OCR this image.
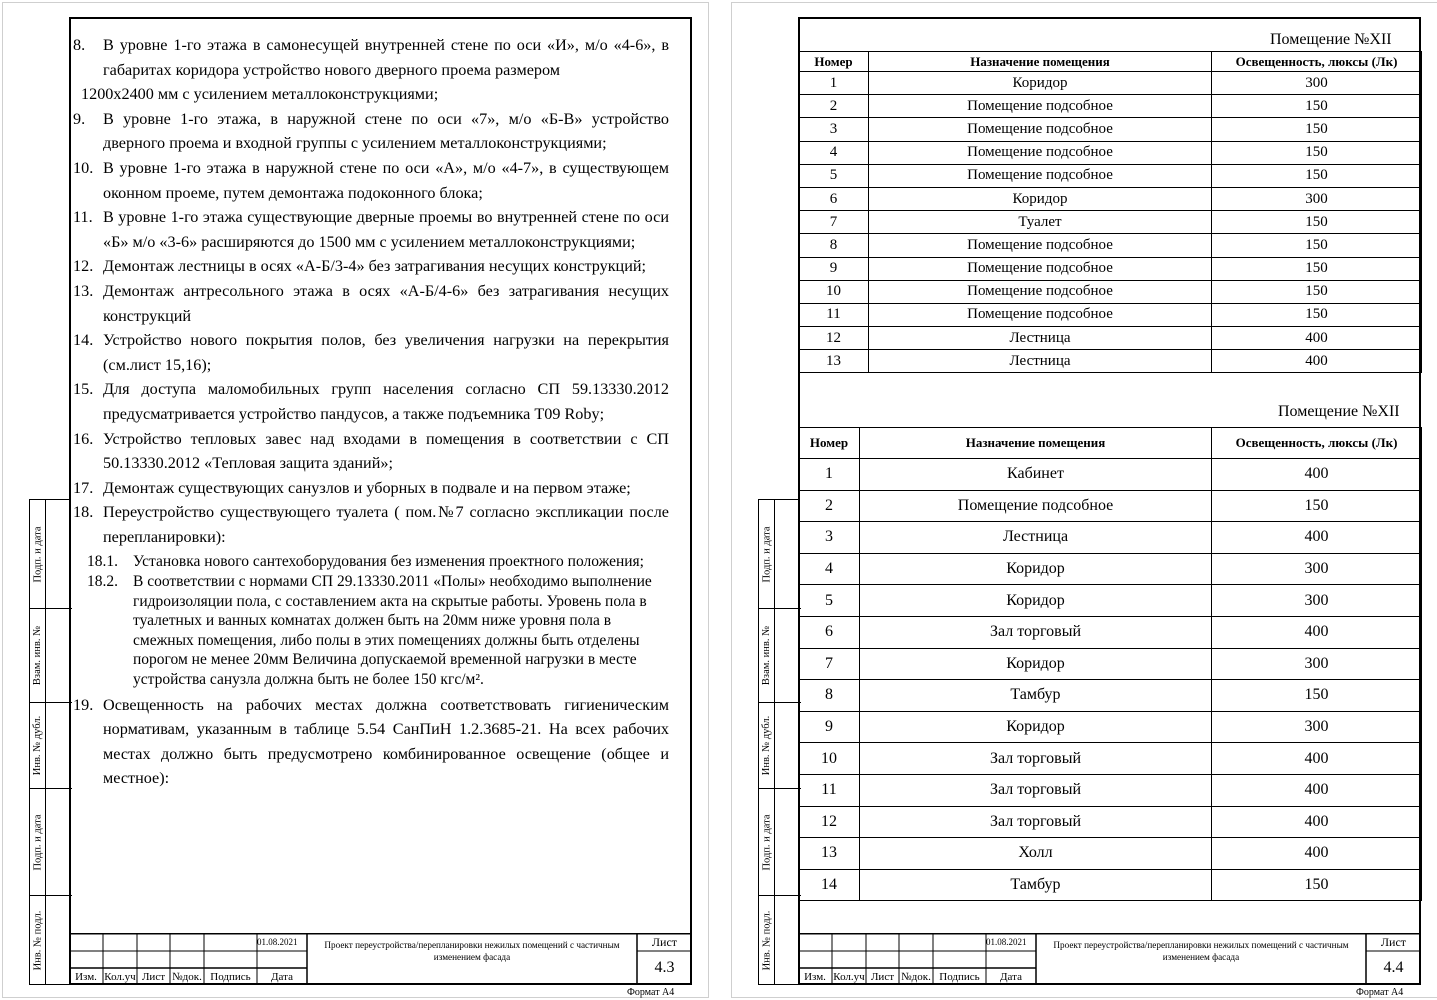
Подп. и дата
Взам. инв. №
Инв. № дубл.
Подп. и дата
Инв. № подл.
8.	В уровне 1-го этажа в самонесущей внутренней стене по оси «И», м/о «4-6», в габаритах коридора устройство нового дверного проема размером
1200х2400 мм с усилением металлоконструкциями;
9.	В уровне 1-го этажа, в наружной стене по оси «7», м/о «Б-В» устройство дверного проема и входной группы с усилением металлоконструкциями;
10. В уровне 1-го этажа в наружной стене по оси «А», м/о «4-7», в существующем оконном проеме, путем демонтажа подоконного блока;
11. В уровне 1-го этажа существующие дверные проемы во внутренней стене по оси «Б» м/о «3-6» расширяются до 1500 мм с усилением металлоконструкциями;
12. Демонтаж лестницы в осях «А-Б/3-4» без затрагивания несущих конструкций;
13. Демонтаж антресольного этажа в осях «А-Б/4-6» без затрагивания несущих конструкций
14. Устройство нового покрытия полов, без увеличения нагрузки на перекрытия (см.лист 15,16);
15. Для доступа маломобильных групп населения согласно СП 59.13330.2012 предусматривается устройство пандусов, а также подъемника Т09 Roby;
16. Устройство тепловых завес над входами в помещения в соответствии с СП 50.13330.2012 «Тепловая защита зданий»;
17. Демонтаж существующих санузлов и уборных в подвале и на первом этаже;
18. Переустройство существующего туалета ( пом.№7 согласно экспликации после перепланировки):
18.1. Установка нового сантехоборудования без изменения проектного положения;
18.2. В соответствии с нормами СП 29.13330.2011 «Полы» необходимо выполнение гидроизоляции пола, с составлением акта на скрытые работы. Уровень пола в туалетных и ванных комнатах должен быть на 20мм ниже уровня пола в смежных помещения, либо полы в этих помещениях должны быть отделены порогом не менее 20мм Величина допускаемой временной нагрузки в месте устройства санузла должна быть не более 150 кгс/м².
19. Освещенность на рабочих местах должна соответствовать гигиеническим нормативам, указанным в таблице 5.54 СанПиН 1.2.3685-21. На всех рабочих местах должно быть предусмотрено комбинированное освещение (общее и местное):
Изм. Кол.уч Лист №док. Подпись	Дата
01.08.2021	Проект переустройства/перепланировки нежилых помещений с частичным изменением фасада
Лист
4.3
Формат А4
Подп. и дата
Взам. инв. №
Инв. № дубл.
Подп. и дата
Инв. № подл.
Помещение №XII
Номер	Назначение помещения	Освещенность, люксы (Лк)
1	Коридор	300
2	Помещение подсобное	150
3	Помещение подсобное	150
4	Помещение подсобное	150
5	Помещение подсобное	150
6	Коридор	300
7	Туалет	150
8	Помещение подсобное	150
9	Помещение подсобное	150
10	Помещение подсобное	150
11	Помещение подсобное	150
12	Лестница	400
13	Лестница	400
Помещение №XII
Номер	Назначение помещения	Освещенность, люксы (Лк)
1	Кабинет	400
2	Помещение подсобное	150
3	Лестница	400
4	Коридор	300
5	Коридор	300
6	Зал торговый	400
7	Коридор	300
8	Тамбур	150
9	Коридор	300
10	Зал торговый	400
11	Зал торговый	400
12	Зал торговый	400
13	Холл	400
14	Тамбур	150
Изм. Кол.уч Лист №док. Подпись	Дата
01.08.2021	Проект переустройства/перепланировки нежилых помещений с частичным изменением фасада
Лист
4.4
Формат А4
